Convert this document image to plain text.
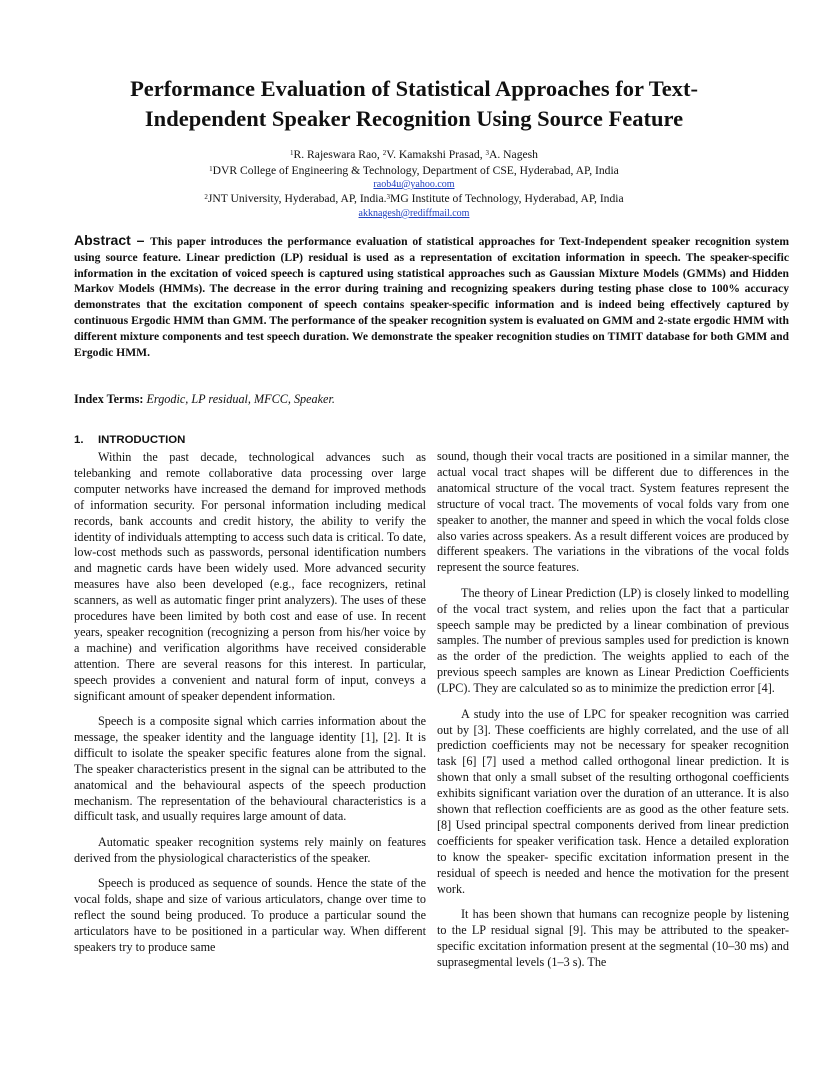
Performance Evaluation of Statistical Approaches for Text-Independent Speaker Recognition Using Source Feature
$^1$R. Rajeswara Rao, $^2$V. Kamakshi Prasad, $^3$A. Nagesh
$^1$DVR College of Engineering & Technology, Department of CSE, Hyderabad, AP, India
raob4u@yahoo.com
$^2$JNT University, Hyderabad, AP, India.$^3$MG Institute of Technology, Hyderabad, AP, India
akknagesh@rediffmail.com

Abstract – This paper introduces the performance evaluation of statistical approaches for Text-Independent speaker recognition system using source feature. Linear prediction (LP) residual is used as a representation of excitation information in speech. The speaker-specific information in the excitation of voiced speech is captured using statistical approaches such as Gaussian Mixture Models (GMMs) and Hidden Markov Models (HMMs). The decrease in the error during training and recognizing speakers during testing phase close to 100% accuracy demonstrates that the excitation component of speech contains speaker-specific information and is indeed being effectively captured by continuous Ergodic HMM than GMM. The performance of the speaker recognition system is evaluated on GMM and 2-state ergodic HMM with different mixture components and test speech duration. We demonstrate the speaker recognition studies on TIMIT database for both GMM and Ergodic HMM.

Index Terms: Ergodic, LP residual, MFCC, Speaker.
1. INTRODUCTION

Within the past decade, technological advances such as telebanking and remote collaborative data processing over large computer networks have increased the demand for improved methods of information security. For personal information including medical records, bank accounts and credit history, the ability to verify the identity of individuals attempting to access such data is critical. To date, low-cost methods such as passwords, personal identification numbers and magnetic cards have been widely used. More advanced security measures have also been developed (e.g., face recognizers, retinal scanners, as well as automatic finger print analyzers). The uses of these procedures have been limited by both cost and ease of use. In recent years, speaker recognition (recognizing a person from his/her voice by a machine) and verification algorithms have received considerable attention. There are several reasons for this interest. In particular, speech provides a convenient and natural form of input, conveys a significant amount of speaker dependent information.

Speech is a composite signal which carries information about the message, the speaker identity and the language identity [1], [2]. It is difficult to isolate the speaker specific features alone from the signal. The speaker characteristics present in the signal can be attributed to the anatomical and the behavioural aspects of the speech production mechanism. The representation of the behavioural characteristics is a difficult task, and usually requires large amount of data.

Automatic speaker recognition systems rely mainly on features derived from the physiological characteristics of the speaker.

Speech is produced as sequence of sounds. Hence the state of the vocal folds, shape and size of various articulators, change over time to reflect the sound being produced. To produce a particular sound the articulators have to be positioned in a particular way. When different speakers try to produce same

sound, though their vocal tracts are positioned in a similar manner, the actual vocal tract shapes will be different due to differences in the anatomical structure of the vocal tract. System features represent the structure of vocal tract. The movements of vocal folds vary from one speaker to another, the manner and speed in which the vocal folds close also varies across speakers. As a result different voices are produced by different speakers. The variations in the vibrations of the vocal folds represent the source features.

The theory of Linear Prediction (LP) is closely linked to modelling of the vocal tract system, and relies upon the fact that a particular speech sample may be predicted by a linear combination of previous samples. The number of previous samples used for prediction is known as the order of the prediction. The weights applied to each of the previous speech samples are known as Linear Prediction Coefficients (LPC). They are calculated so as to minimize the prediction error [4].

A study into the use of LPC for speaker recognition was carried out by [3]. These coefficients are highly correlated, and the use of all prediction coefficients may not be necessary for speaker recognition task [6] [7] used a method called orthogonal linear prediction. It is shown that only a small subset of the resulting orthogonal coefficients exhibits significant variation over the duration of an utterance. It is also shown that reflection coefficients are as good as the other feature sets. [8] Used principal spectral components derived from linear prediction coefficients for speaker verification task. Hence a detailed exploration to know the speaker- specific excitation information present in the residual of speech is needed and hence the motivation for the present work.

It has been shown that humans can recognize people by listening to the LP residual signal [9]. This may be attributed to the speaker-specific excitation information present at the segmental (10–30 ms) and suprasegmental levels (1–3 s). The
